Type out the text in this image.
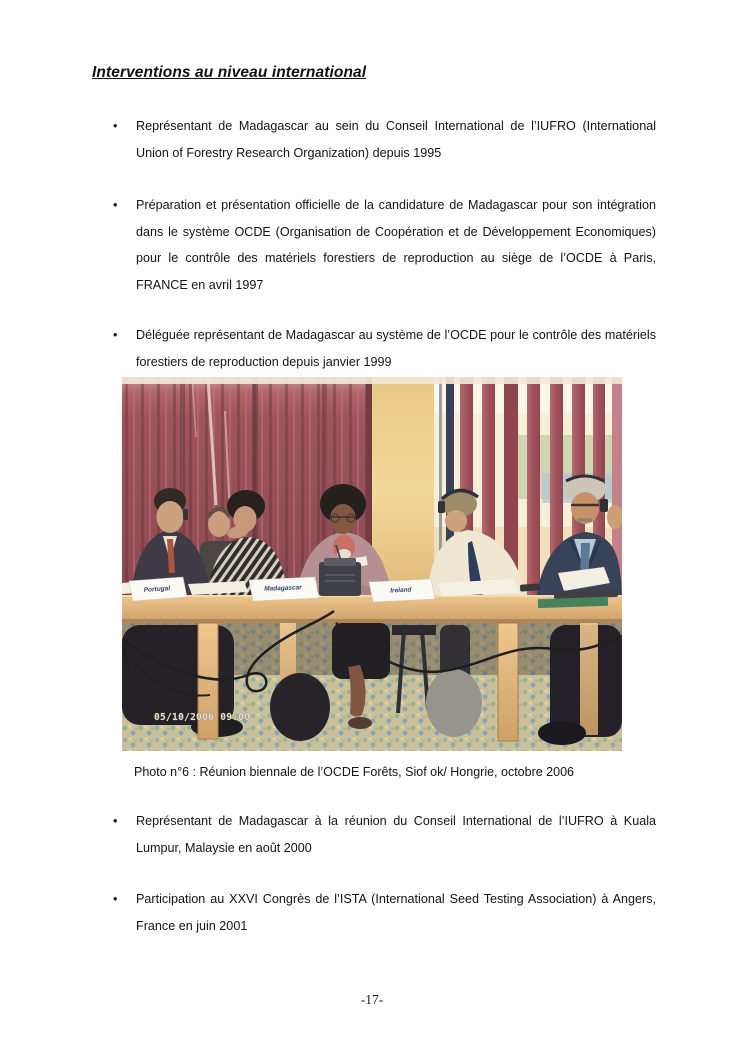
Interventions au niveau international
• Représentant de Madagascar au sein du Conseil International de l’IUFRO (International Union of Forestry Research Organization) depuis 1995
• Préparation et présentation officielle de la candidature de Madagascar pour son intégration dans le système OCDE (Organisation de Coopération et de Développement Economiques) pour le contrôle des matériels forestiers de reproduction au siège de l’OCDE à Paris, FRANCE en avril 1997
• Déléguée représentant de Madagascar au système de l’OCDE pour le contrôle des matériels forestiers de reproduction depuis janvier 1999
Portugal	Madagascar	Ireland
05/10/2006 09:00
Photo n°6 : Réunion biennale de l’OCDE Forêts, Siof ok/ Hongrie, octobre 2006
• Représentant de Madagascar à la réunion du Conseil International de l’IUFRO à Kuala Lumpur, Malaysie en août 2000
• Participation au XXVI Congrès de l’ISTA (International Seed Testing Association) à Angers, France en juin 2001
-17-
